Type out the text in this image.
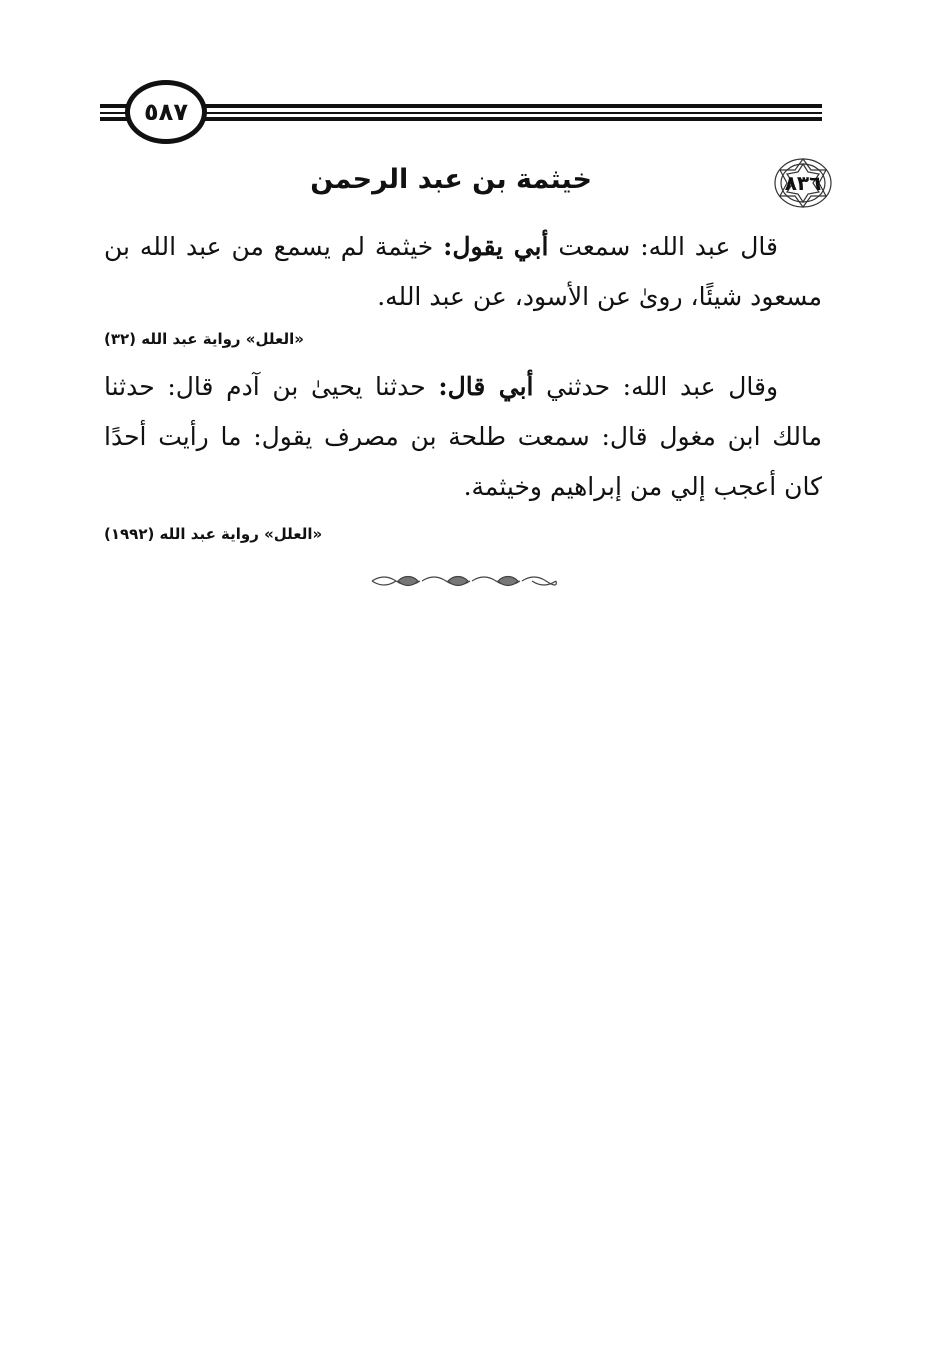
٥٨٧
٨٣٦
خيثمة بن عبد الرحمن
قال عبد الله: سمعت أبي يقول: خيثمة لم يسمع من عبد الله بن مسعود شيئًا، روىٰ عن الأسود، عن عبد الله.
«العلل» رواية عبد الله (٣٢)
وقال عبد الله: حدثني أبي قال: حدثنا يحيىٰ بن آدم قال: حدثنا مالك ابن مغول قال: سمعت طلحة بن مصرف يقول: ما رأيت أحدًا كان أعجب إلي من إبراهيم وخيثمة.
«العلل» رواية عبد الله (١٩٩٢)
